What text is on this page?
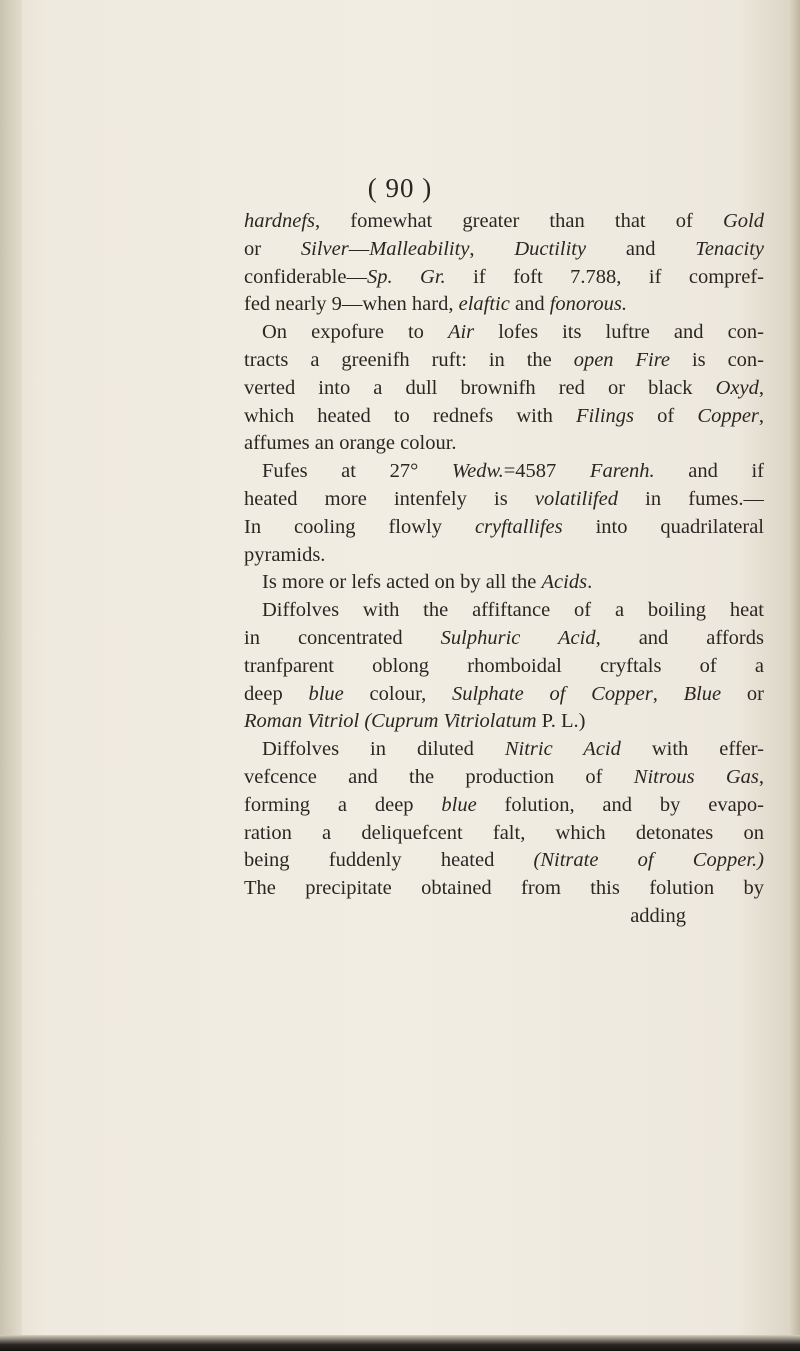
( 90 )
hardnefs, fomewhat greater than that of Gold
or Silver—Malleability, Ductility and Tenacity
confiderable—Sp. Gr. if foft 7.788, if compref-
fed nearly 9—when hard, elaftic and fonorous.
On expofure to Air lofes its luftre and con-
tracts a greenifh ruft: in the open Fire is con-
verted into a dull brownifh red or black Oxyd,
which heated to rednefs with Filings of Copper,
affumes an orange colour.
Fufes at 27° Wedw.=4587 Farenh. and if
heated more intenfely is volatilifed in fumes.—
In cooling flowly cryftallifes into quadrilateral
pyramids.
Is more or lefs acted on by all the Acids.
Diffolves with the affiftance of a boiling heat
in concentrated Sulphuric Acid, and affords
tranfparent oblong rhomboidal cryftals of a
deep blue colour, Sulphate of Copper, Blue or
Roman Vitriol (Cuprum Vitriolatum P. L.)
Diffolves in diluted Nitric Acid with effer-
vefcence and the production of Nitrous Gas,
forming a deep blue folution, and by evapo-
ration a deliquefcent falt, which detonates on
being fuddenly heated (Nitrate of Copper.)
The precipitate obtained from this folution by
adding
